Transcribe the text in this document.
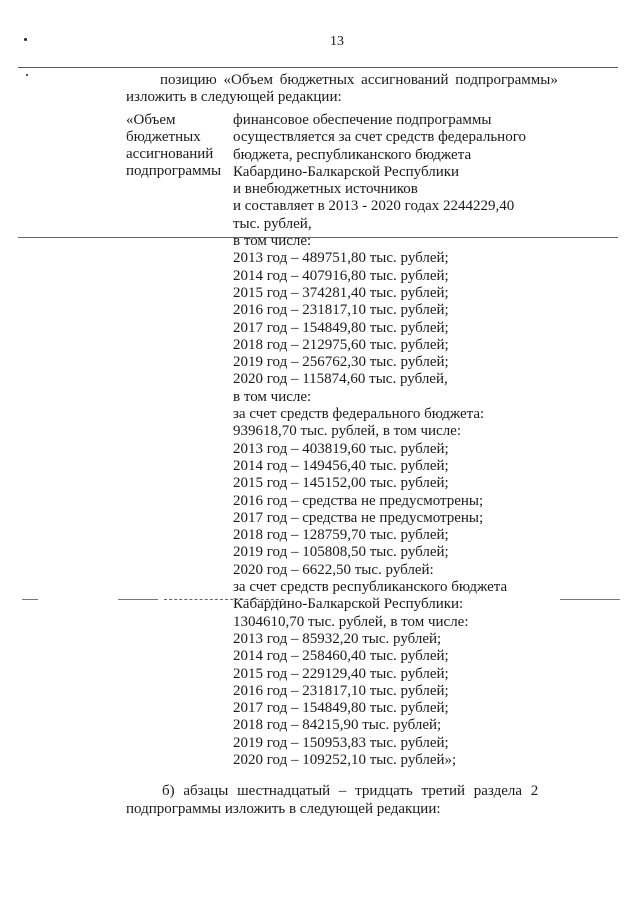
13
позицию «Объем бюджетных ассигнований подпрограммы»
изложить в следующей редакции:
«Объем
бюджетных
ассигнований
подпрограммы
финансовое обеспечение подпрограммы
осуществляется за счет средств федерального
бюджета, республиканского бюджета
Кабардино-Балкарской Республики
и внебюджетных источников
и составляет в 2013 - 2020 годах 2244229,40
тыс. рублей,
в том числе:
2013 год – 489751,80 тыс. рублей;
2014 год – 407916,80 тыс. рублей;
2015 год – 374281,40 тыс. рублей;
2016 год – 231817,10 тыс. рублей;
2017 год – 154849,80 тыс. рублей;
2018 год – 212975,60 тыс. рублей;
2019 год – 256762,30 тыс. рублей;
2020 год – 115874,60 тыс. рублей,
в том числе:
за счет средств федерального бюджета:
939618,70 тыс. рублей, в том числе:
2013 год – 403819,60 тыс. рублей;
2014 год – 149456,40 тыс. рублей;
2015 год – 145152,00 тыс. рублей;
2016 год – средства не предусмотрены;
2017 год – средства не предусмотрены;
2018 год – 128759,70 тыс. рублей;
2019 год – 105808,50 тыс. рублей;
2020 год – 6622,50 тыс. рублей:
за счет средств республиканского бюджета
Кабардино-Балкарской Республики:
1304610,70 тыс. рублей, в том числе:
2013 год – 85932,20 тыс. рублей;
2014 год – 258460,40 тыс. рублей;
2015 год – 229129,40 тыс. рублей;
2016 год – 231817,10 тыс. рублей;
2017 год – 154849,80 тыс. рублей;
2018 год – 84215,90 тыс. рублей;
2019 год – 150953,83 тыс. рублей;
2020 год – 109252,10 тыс. рублей»;
б) абзацы шестнадцатый – тридцать третий раздела 2
подпрограммы изложить в следующей редакции:
